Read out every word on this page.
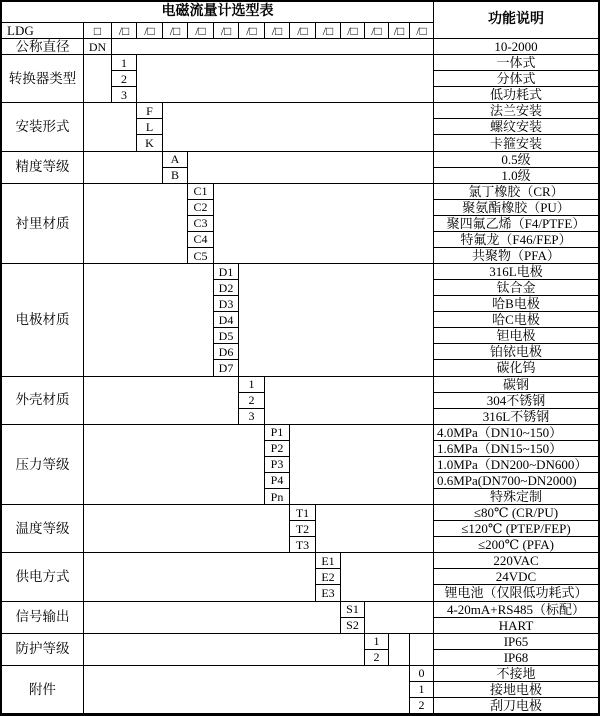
电磁流量计选型表
功能说明
LDG	□	/□	/□	/□	/□	/□	/□	/□	/□	/□	/□	/□ /□ /□
公称直径	DN	10-2000
转换器类型
1	一体式
2	分体式
3	低功耗式
安装形式
F	法兰安装
L	螺纹安装
K	卡箍安装
精度等级
A	0.5级
B	1.0级
衬里材质
C1	氯丁橡胶（CR）
C2	聚氨酯橡胶（PU）
C3	聚四氟乙烯（F4/PTFE）
C4	特氟龙（F46/FEP）
C5	共聚物（PFA）
电极材质
D1	316L电极
D2	钛合金
D3	哈B电极
D4	哈C电极
D5	钽电极
D6	铂铱电极
D7	碳化钨
外壳材质
1	碳钢
2	304不锈钢
3	316L不锈钢
压力等级
P1	4.0MPa（DN10~150）
P2	1.6MPa（DN15~150）
P3	1.0MPa（DN200~DN600）
P4	0.6MPa(DN700~DN2000)
Pn	特殊定制
温度等级
T1	≤80℃ (CR/PU)
T2	≤120℃ (PTEP/FEP)
T3	≤200℃ (PFA)
供电方式
E1	220VAC
E2	24VDC
E3	锂电池（仅限低功耗式）
信号输出
S1	4-20mA+RS485（标配）
S2	HART
防护等级
1	IP65
2	IP68
附件
0	不接地
1	接地电极
2	刮刀电极
